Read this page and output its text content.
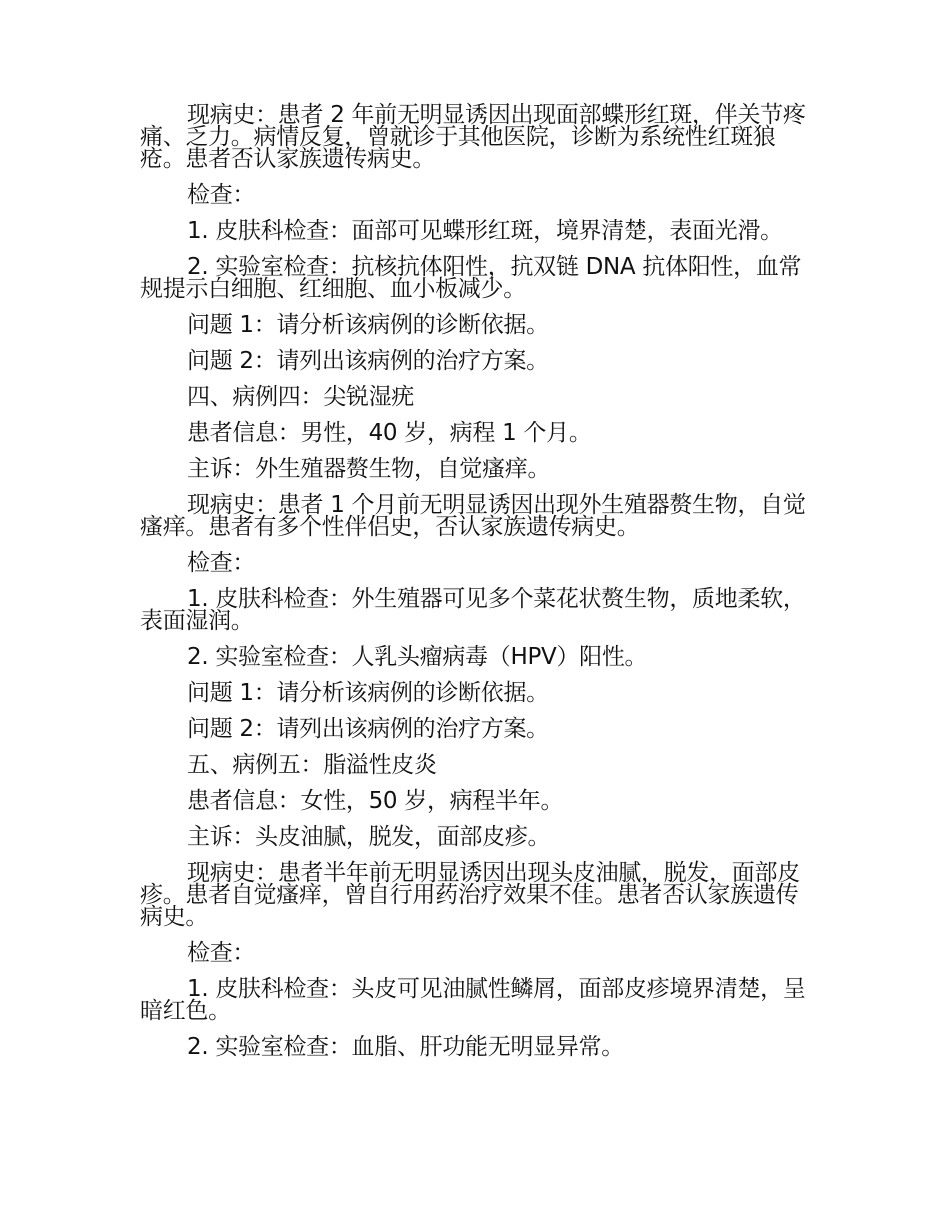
现病史：患者 2 年前无明显诱因出现面部蝶形红斑，伴关节疼痛、乏力。病情反复，曾就诊于其他医院，诊断为系统性红斑狼疮。患者否认家族遗传病史。

检查：

1. 皮肤科检查：面部可见蝶形红斑，境界清楚，表面光滑。

2. 实验室检查：抗核抗体阳性，抗双链 DNA 抗体阳性，血常规提示白细胞、红细胞、血小板减少。

问题 1：请分析该病例的诊断依据。

问题 2：请列出该病例的治疗方案。

四、病例四：尖锐湿疣

患者信息：男性，40 岁，病程 1 个月。

主诉：外生殖器赘生物，自觉瘙痒。

现病史：患者 1 个月前无明显诱因出现外生殖器赘生物，自觉瘙痒。患者有多个性伴侣史，否认家族遗传病史。

检查：

1. 皮肤科检查：外生殖器可见多个菜花状赘生物，质地柔软，表面湿润。

2. 实验室检查：人乳头瘤病毒（HPV）阳性。

问题 1：请分析该病例的诊断依据。

问题 2：请列出该病例的治疗方案。

五、病例五：脂溢性皮炎

患者信息：女性，50 岁，病程半年。

主诉：头皮油腻，脱发，面部皮疹。

现病史：患者半年前无明显诱因出现头皮油腻，脱发，面部皮疹。患者自觉瘙痒，曾自行用药治疗效果不佳。患者否认家族遗传病史。

检查：

1. 皮肤科检查：头皮可见油腻性鳞屑，面部皮疹境界清楚，呈暗红色。

2. 实验室检查：血脂、肝功能无明显异常。
